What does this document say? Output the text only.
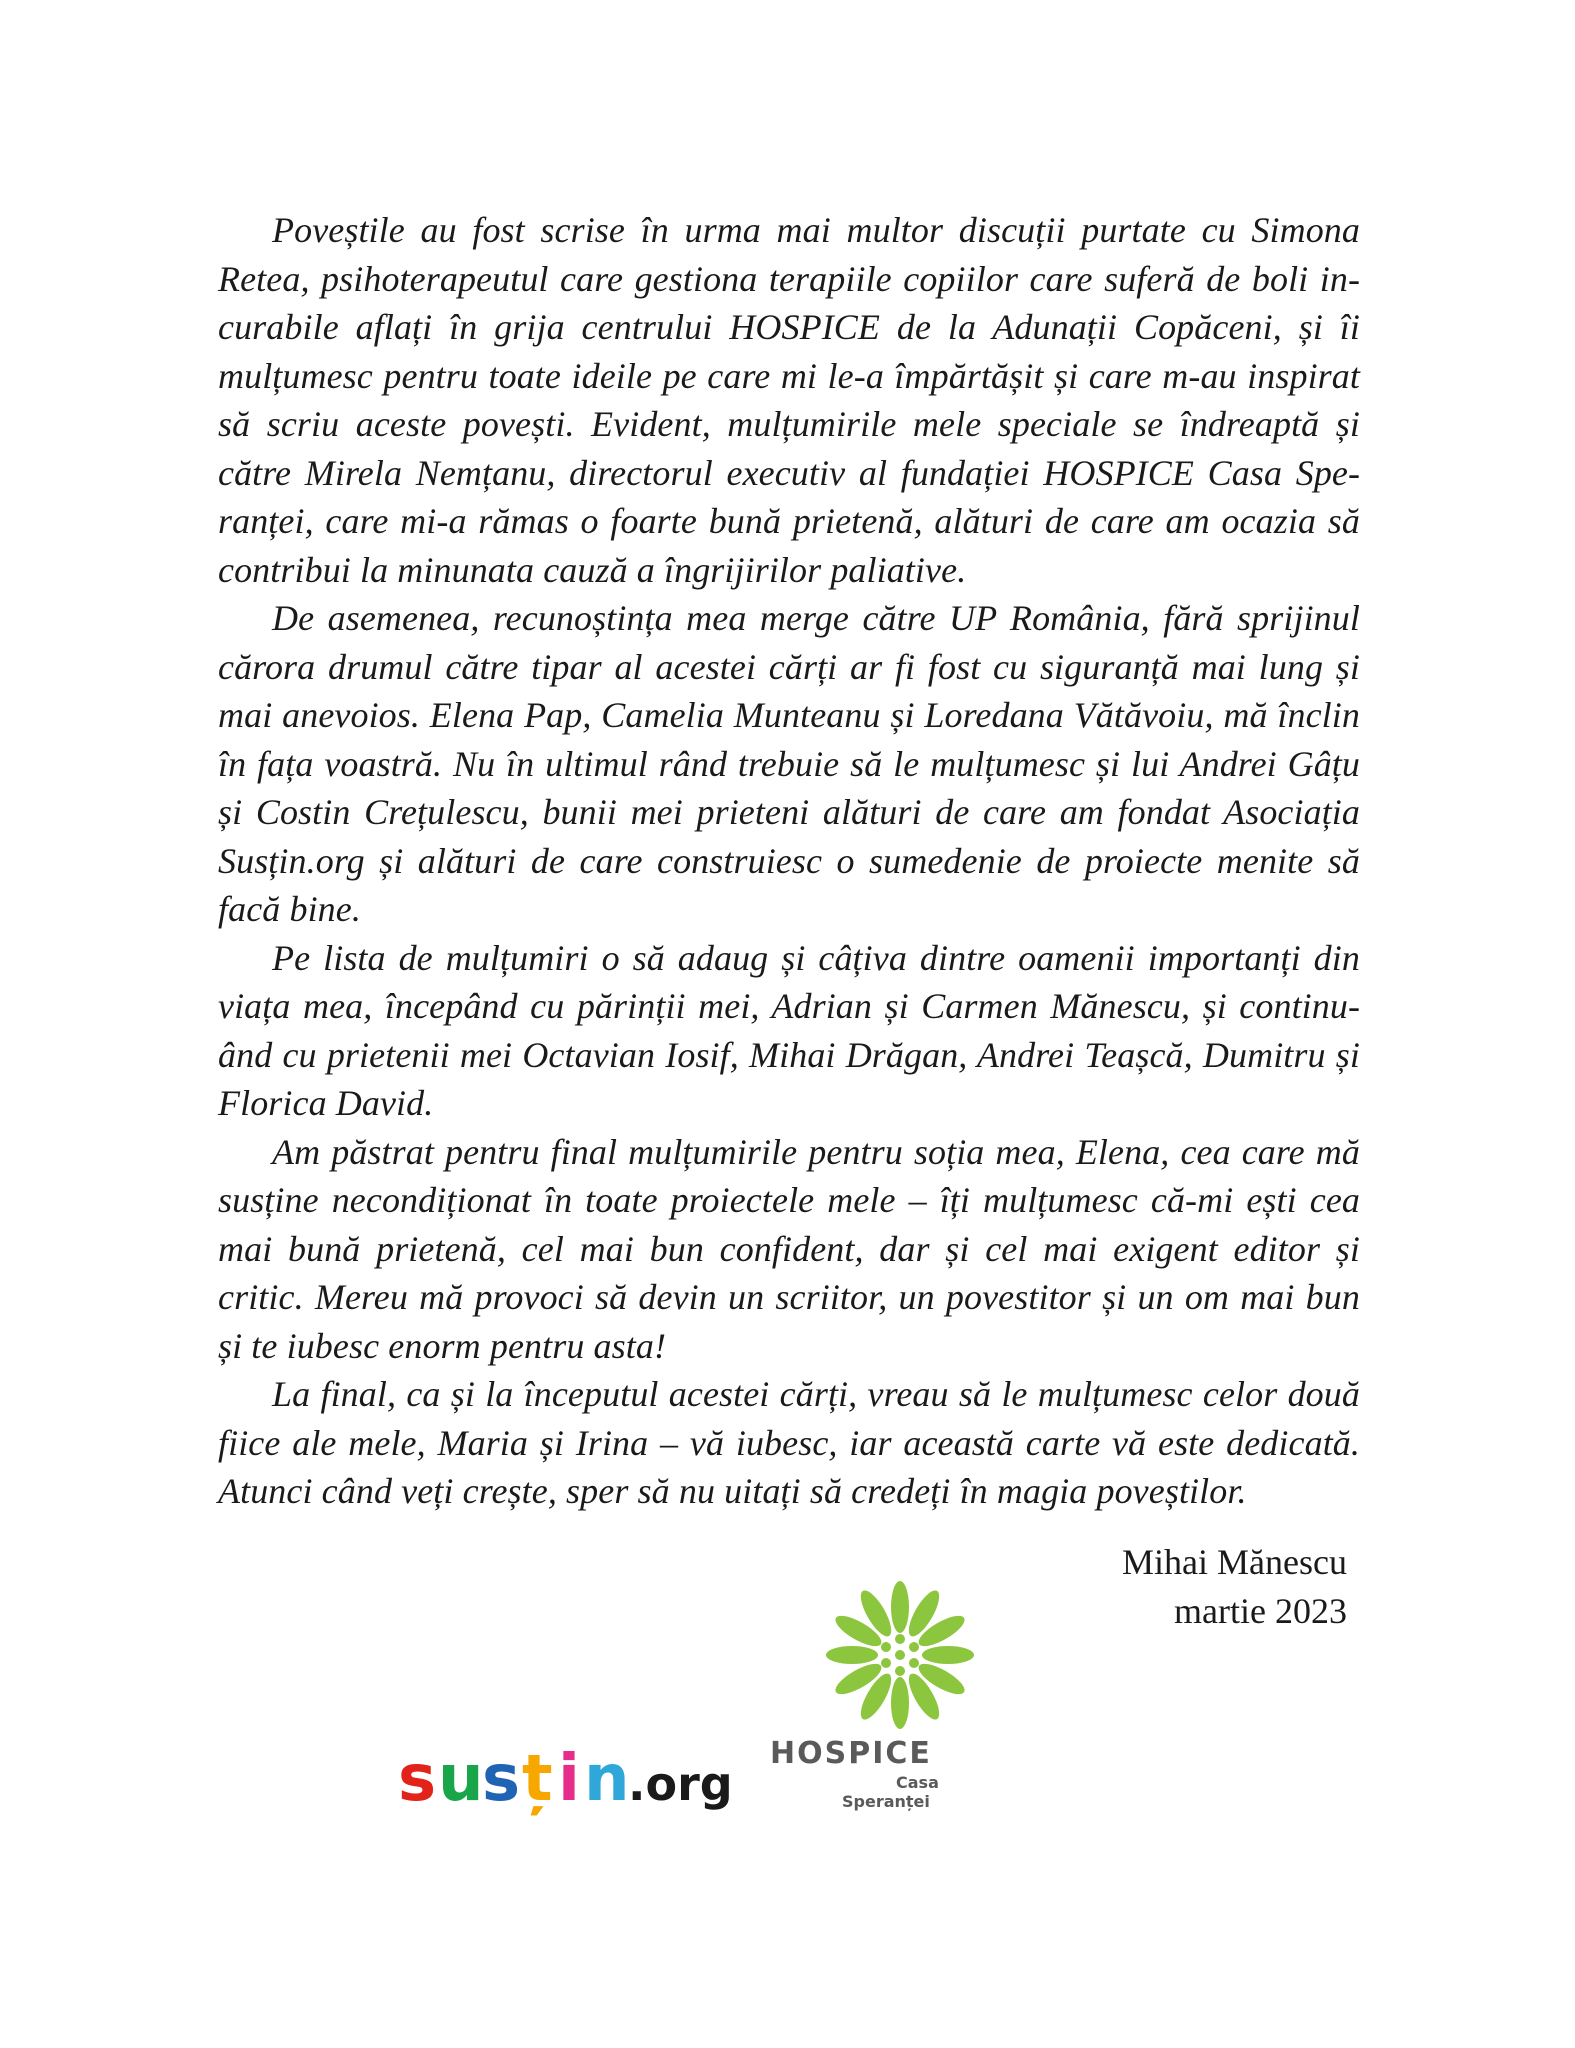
Poveștile au fost scrise în urma mai multor discuții purtate cu Simona Retea, psihoterapeutul care gestiona terapiile copiilor care suferă de boli incurabile aflați în grija centrului HOSPICE de la Adunații Copăceni, și îi mulțumesc pentru toate ideile pe care mi le-a împărtășit și care m-au inspirat să scriu aceste povești. Evident, mulțumirile mele speciale se îndreaptă și către Mirela Nemțanu, directorul executiv al fundației HOSPICE Casa Speranței, care mi-a rămas o foarte bună prietenă, alături de care am ocazia să contribui la minunata cauză a îngrijirilor paliative.

De asemenea, recunoștința mea merge către UP România, fără sprijinul cărora drumul către tipar al acestei cărți ar fi fost cu siguranță mai lung și mai anevoios. Elena Pap, Camelia Munteanu și Loredana Vătăvoiu, mă înclin în fața voastră. Nu în ultimul rând trebuie să le mulțumesc și lui Andrei Gâțu și Costin Crețulescu, bunii mei prieteni alături de care am fondat Asociația Susțin.org și alături de care construiesc o sumedenie de proiecte menite să facă bine.

Pe lista de mulțumiri o să adaug și câțiva dintre oamenii importanți din viața mea, începând cu părinții mei, Adrian și Carmen Mănescu, și continuând cu prietenii mei Octavian Iosif, Mihai Drăgan, Andrei Teașcă, Dumitru și Florica David.

Am păstrat pentru final mulțumirile pentru soția mea, Elena, cea care mă susține necondiționat în toate proiectele mele – îți mulțumesc că-mi ești cea mai bună prietenă, cel mai bun confident, dar și cel mai exigent editor și critic. Mereu mă provoci să devin un scriitor, un povestitor și un om mai bun și te iubesc enorm pentru asta!

La final, ca și la începutul acestei cărți, vreau să le mulțumesc celor două fiice ale mele, Maria și Irina – vă iubesc, iar această carte vă este dedicată. Atunci când veți crește, sper să nu uitați să credeți în magia poveștilor.

Mihai Mănescu
martie 2023
s u
s ț i n
.org
HOSPICE
Casa
Speranței
